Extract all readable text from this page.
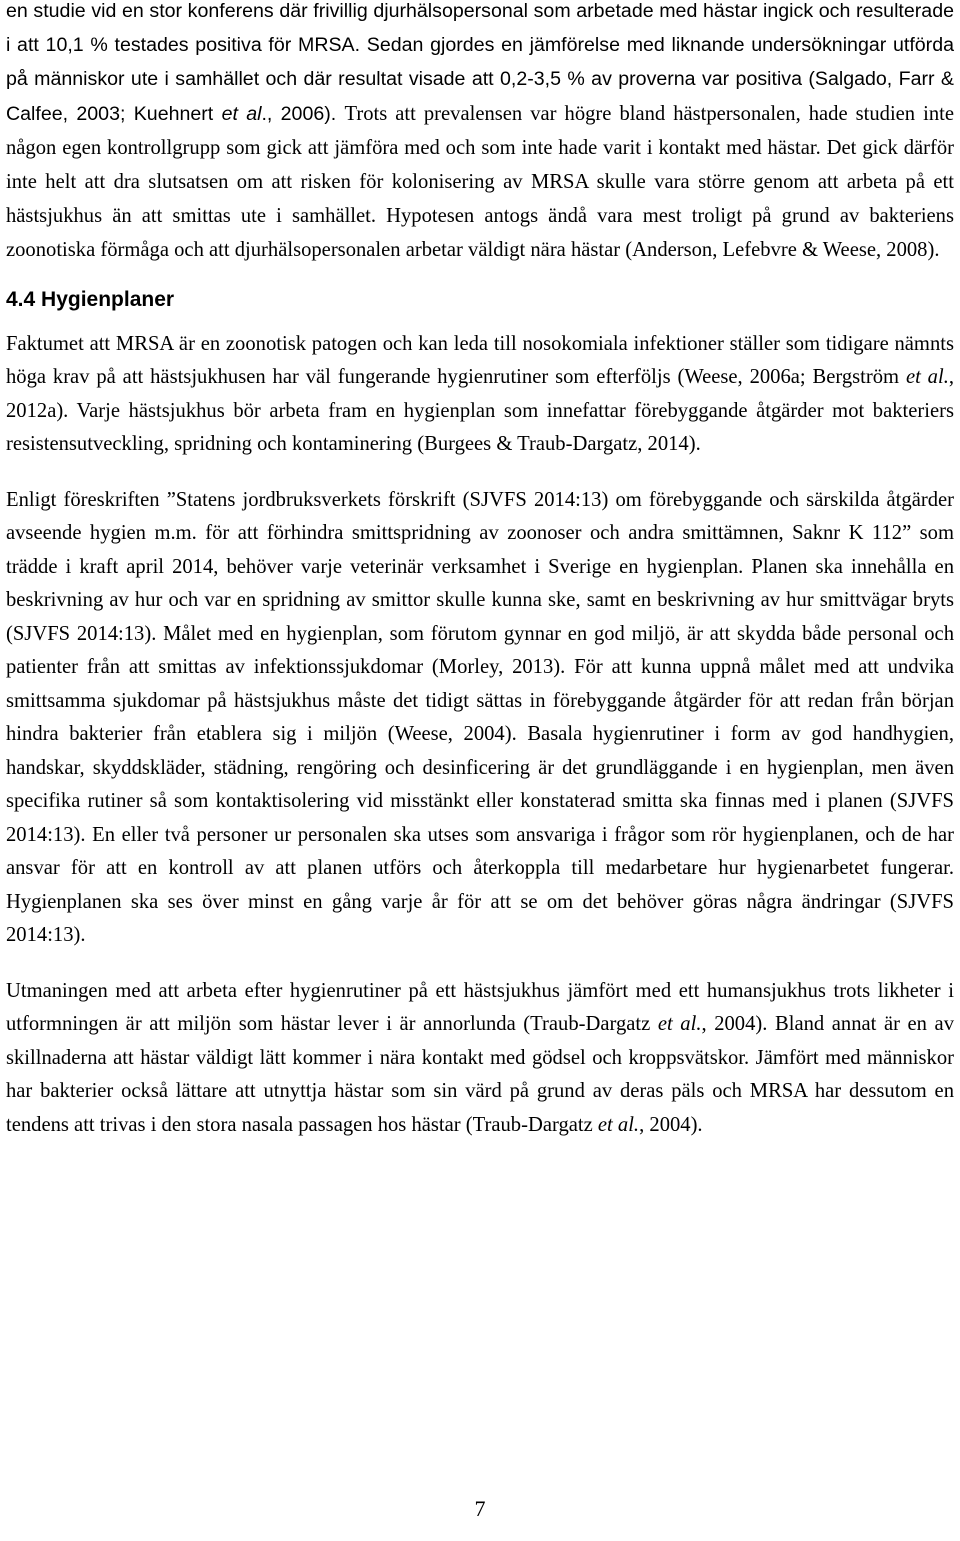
en studie vid en stor konferens där frivillig djurhälsopersonal som arbetade med hästar ingick och resulterade i att 10,1 % testades positiva för MRSA. Sedan gjordes en jämförelse med liknande undersökningar utförda på människor ute i samhället och där resultat visade att 0,2-3,5 % av proverna var positiva (Salgado, Farr & Calfee, 2003; Kuehnert et al., 2006). Trots att prevalensen var högre bland hästpersonalen, hade studien inte någon egen kontrollgrupp som gick att jämföra med och som inte hade varit i kontakt med hästar. Det gick därför inte helt att dra slutsatsen om att risken för kolonisering av MRSA skulle vara större genom att arbeta på ett hästsjukhus än att smittas ute i samhället. Hypotesen antogs ändå vara mest troligt på grund av bakteriens zoonotiska förmåga och att djurhälsopersonalen arbetar väldigt nära hästar (Anderson, Lefebvre & Weese, 2008).

4.4 Hygienplaner

Faktumet att MRSA är en zoonotisk patogen och kan leda till nosokomiala infektioner ställer som tidigare nämnts höga krav på att hästsjukhusen har väl fungerande hygienrutiner som efterföljs (Weese, 2006a; Bergström et al., 2012a). Varje hästsjukhus bör arbeta fram en hygienplan som innefattar förebyggande åtgärder mot bakteriers resistensutveckling, spridning och kontaminering (Burgees & Traub-Dargatz, 2014).

Enligt föreskriften ”Statens jordbruksverkets förskrift (SJVFS 2014:13) om förebyggande och särskilda åtgärder avseende hygien m.m. för att förhindra smittspridning av zoonoser och andra smittämnen, Saknr K 112” som trädde i kraft april 2014, behöver varje veterinär verksamhet i Sverige en hygienplan. Planen ska innehålla en beskrivning av hur och var en spridning av smittor skulle kunna ske, samt en beskrivning av hur smittvägar bryts (SJVFS 2014:13). Målet med en hygienplan, som förutom gynnar en god miljö, är att skydda både personal och patienter från att smittas av infektionssjukdomar (Morley, 2013). För att kunna uppnå målet med att undvika smittsamma sjukdomar på hästsjukhus måste det tidigt sättas in förebyggande åtgärder för att redan från början hindra bakterier från etablera sig i miljön (Weese, 2004). Basala hygienrutiner i form av god handhygien, handskar, skyddskläder, städning, rengöring och desinficering är det grundläggande i en hygienplan, men även specifika rutiner så som kontaktisolering vid misstänkt eller konstaterad smitta ska finnas med i planen (SJVFS 2014:13). En eller två personer ur personalen ska utses som ansvariga i frågor som rör hygienplanen, och de har ansvar för att en kontroll av att planen utförs och återkoppla till medarbetare hur hygienarbetet fungerar. Hygienplanen ska ses över minst en gång varje år för att se om det behöver göras några ändringar (SJVFS 2014:13).

Utmaningen med att arbeta efter hygienrutiner på ett hästsjukhus jämfört med ett humansjukhus trots likheter i utformningen är att miljön som hästar lever i är annorlunda (Traub-Dargatz et al., 2004). Bland annat är en av skillnaderna att hästar väldigt lätt kommer i nära kontakt med gödsel och kroppsvätskor. Jämfört med människor har bakterier också lättare att utnyttja hästar som sin värd på grund av deras päls och MRSA har dessutom en tendens att trivas i den stora nasala passagen hos hästar (Traub-Dargatz et al., 2004).

7
